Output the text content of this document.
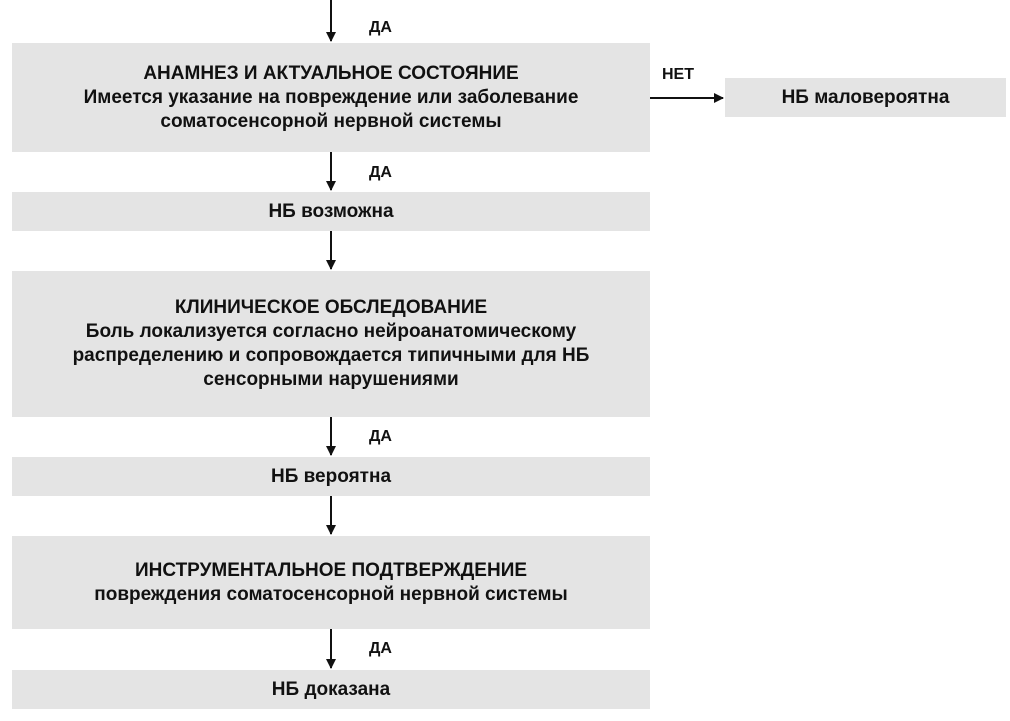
ДА
НЕТ
ДА
ДА
ДА
АНАМНЕЗ И АКТУАЛЬНОЕ СОСТОЯНИЕ
Имеется указание на повреждение или заболевание
соматосенсорной нервной системы
НБ маловероятна
НБ возможна
КЛИНИЧЕСКОЕ ОБСЛЕДОВАНИЕ
Боль локализуется согласно нейроанатомическому
распределению и сопровождается типичными для НБ
сенсорными нарушениями
НБ вероятна
ИНСТРУМЕНТАЛЬНОЕ ПОДТВЕРЖДЕНИЕ
повреждения соматосенсорной нервной системы
НБ доказана
